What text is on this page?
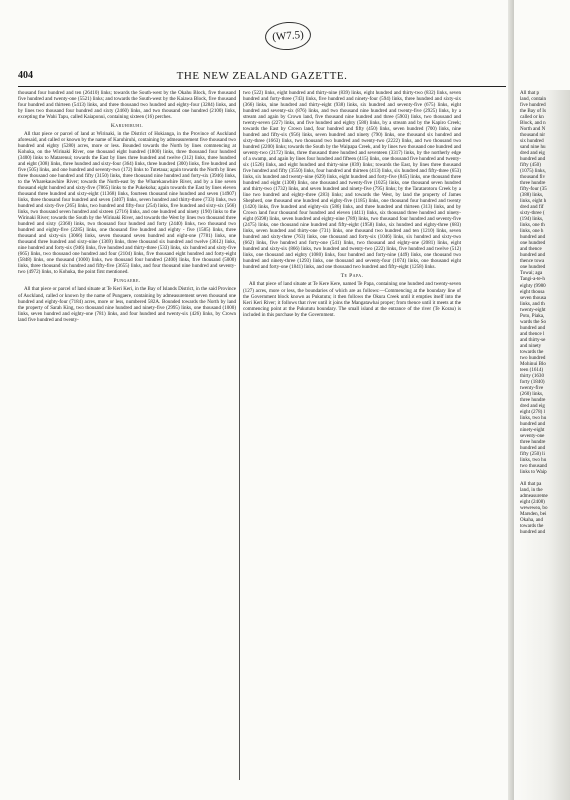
(W7.5)
404	THE NEW ZEALAND GAZETTE.

thousand four hundred and ten (26410) links; towards the South-west by the Okahu Block, five thousand five hundred and twenty-one (5521) links; and towards the South-west by the Kaiawa Block, five thousand four hundred and thirteen (5413) links, and three thousand two hundred and eighty-four (3284) links, and by lines two thousand four hundred and sixty (2460) links, and two thousand one hundred (2100) links, excepting the Wahi Tapu, called Kaiaponui, containing sixteen (16) perches.

Karuhiruhi.

All that piece or parcel of land at Wirinaki, in the District of Hokianga, in the Province of Auckland aforesaid, and called or known by the name of Karuhiruhi, containing by admeasurement five thousand two hundred and eighty (5280) acres, more or less. Bounded towards the North by lines commencing at Kohuka, on the Wirinaki River, one thousand eight hundred (1800) links, three thousand four hundred (3400) links to Matarenui; towards the East by lines three hundred and twelve (312) links, three hundred and eight (308) links, three hundred and sixty-four (364) links, three hundred (300) links, five hundred and five (505) links, and one hundred and seventy-two (172) links to Tutetaua; again towards the North by lines three thousand one hundred and fifty (3150) links, three thousand nine hundred and forty-six (3946) links, to the Wharekauwhire River; towards the North-east by the Wharekauwhire River, and by a line seven thousand eight hundred and sixty-five (7865) links to the Pukekoha; again towards the East by lines eleven thousand three hundred and sixty-eight (11368) links, fourteen thousand nine hundred and seven (14907) links, three thousand four hundred and seven (3407) links, seven hundred and thirty-three (733) links, two hundred and sixty-five (265) links, two hundred and fifty-four (254) links, five hundred and sixty-six (566) links, two thousand seven hundred and sixteen (2716) links, and one hundred and ninety (190) links to the Wirinaki River; towards the South by the Wirinaki River, and towards the West by lines two thousand three hundred and sixty (2360) links, two thousand four hundred and forty (2440) links, two thousand two hundred and eighty-five (2285) links, one thousand five hundred and eighty - five (1585) links, three thousand and sixty-six (3066) links, seven thousand seven hundred and eight-one (7781) links, one thousand three hundred and sixty-nine (1369) links, three thousand six hundred and twelve (3612) links, nine hundred and forty-six (946) links, five hundred and thirty-three (533) links, six hundred and sixty-five (665) links, two thousand one hundred and four (2104) links, five thousand eight hundred and forty-eight (5848) links, one thousand (1000) links, two thousand four hundred (2400) links, five thousand (5000) links, three thousand six hundred and fifty-five (3655) links, and four thousand nine hundred and seventy-two (4972) links, to Kohuka, the point first mentioned.

Pungaere.

All that piece or parcel of land situate at Te Keri Keri, in the Bay of Islands District, in the said Province of Auckland, called or known by the name of Pungaere, containing by admeasurement seven thousand one hundred and eighty-four (7184) acres, more or less, numbered 582A. Bounded towards the North by land the property of Sarah King, two thousand nine hundred and ninety-five (2995) links, one thousand (1000) links, seven hundred and eighty-one (781) links, and four hundred and twenty-six (426) links, by Crown land five hundred and twenty-

two (522) links, eight hundred and thirty-nine (839) links, eight hundred and thirty-two (832) links, seven hundred and forty-three (743) links, five hundred and ninety-four (594) links, three hundred and sixty-six (366) links, nine hundred and thirty-eight (938) links, six hundred and seventy-five (675) links, eight hundred and seventy-six (876) links, and two thousand nine hundred and twenty-five (2925) links, by a stream and again by Crown land, five thousand nine hundred and three (5903) links, two thousand and twenty-seven (227) links, and five hundred and eighty (580) links, by a stream and by the Kapiro Creek; towards the East by Crown land, four hundred and fifty (450) links, seven hundred (700) links, nine hundred and fifty-six (956) links, seven hundred and ninety (790) links, one thousand six hundred and sixty-three (1663) links, two thousand two hundred and twenty-two (2222) links, and two thousand two hundred (2200) links; towards the South by the Waipapa Creek, and by lines two thousand one hundred and seventy-two (2172) links, three thousand three hundred and seventeen (3317) links, by the northerly edge of a swamp, and again by lines four hundred and fifteen (415) links, one thousand five hundred and twenty-six (1526) links, and eight hundred and thirty-nine (839) links; towards the East, by lines three thousand five hundred and fifty (3550) links, four hundred and thirteen (413) links, six hundred and fifty-three (653) links, six hundred and twenty-nine (629) links, eight hundred and forty-five (845) links, one thousand three hundred and eight (1308) links, one thousand and twenty-five (1025) links, one thousand seven hundred and thirty-two (1732) links, and seven hundred and ninety-five (795) links; by the Taratarotoru Creek by a line two hundred and eighty-three (283) links; and towards the West, by land the property of James Shepherd, one thousand one hundred and eighty-five (1185) links, one thousand four hundred and twenty (1420) links, five hundred and eighty-six (586) links, and three hundred and thirteen (313) links, and by Crown land four thousand four hundred and eleven (4411) links, six thousand three hundred and ninety-eight (6398) links, seven hundred and eighty-nine (789) links, two thousand four hundred and seventy-five (2475) links, one thousand nine hundred and fifty-eight (1958) links, six hundred and eighty-three (683) links, seven hundred and thirty-one (731) links, one thousand two hundred and ten (1210) links, seven hundred and sixty-three (763) links, one thousand and forty-six (1046) links, six hundred and sixty-two (662) links, five hundred and forty-one (541) links, two thousand and eighty-one (2081) links, eight hundred and sixty-six (866) links, two hundred and twenty-two (222) links, five hundred and twelve (512) links, one thousand and eighty (1080) links, four hundred and forty-nine (449) links, one thousand two hundred and ninety-three (1293) links, one thousand and seventy-four (1074) links, one thousand eight hundred and forty-one (1841) links, and one thousand two hundred and fifty-eight (1258) links.

Te Papa.

All that piece of land situate at Te Kere Kere, named Te Papa, containing one hundred and twenty-seven (127) acres, more or less, the boundaries of which are as follows:—Commencing at the boundary line of the Government block known as Pukututu; it then follows the Okura Creek until it empties itself into the Keri Keri River; it follows that river until it joins the Mangatawhai proper; from thence until it meets at the commencing point at the Pukututu boundary. The small island at the entrance of the river (Te Korau) is included in this purchase by the Government.

All that p
land, contain
five hundred
the Bay of Is
called or kn
Block, and n
North and N
thousand nir
six hundred
sand nine hu
dred and eig
hundred and
fifty (450)
(1075) links,
thousand fiv
three hundre
fifty-four (35
(388) links,
links, eight h
dred and fif
sixty-three (
(194) links,
links, one th
links, one h
hundred and
one hundred
and thence
hundred and
thence towa
one hundred
Towai; aga
Tangi-a-te-h
eighty (9980
eight thousa
seven thousa
links, and th
twenty-eight
Poto, Piaka,
wards the So
hundred and
and thence l
and thirty-se
and ninety
towards the
two hundred
Mohinui Blo
teen (1614)
thirty (1630
forty (1840)
twenty-five
(260) links,
three hundre
dred and eig
eight (278) l
links, two hu
hundred and
ninety-eight
seventy-one
three hundre
hundred and
fifty (250) li
links, two hu
two thousand
links to Waip
All that pa
land, in the
admeasureme
eight (2408)
wewewea, bo
Marsden, bei
Okaha, and
towards the
hundred and
